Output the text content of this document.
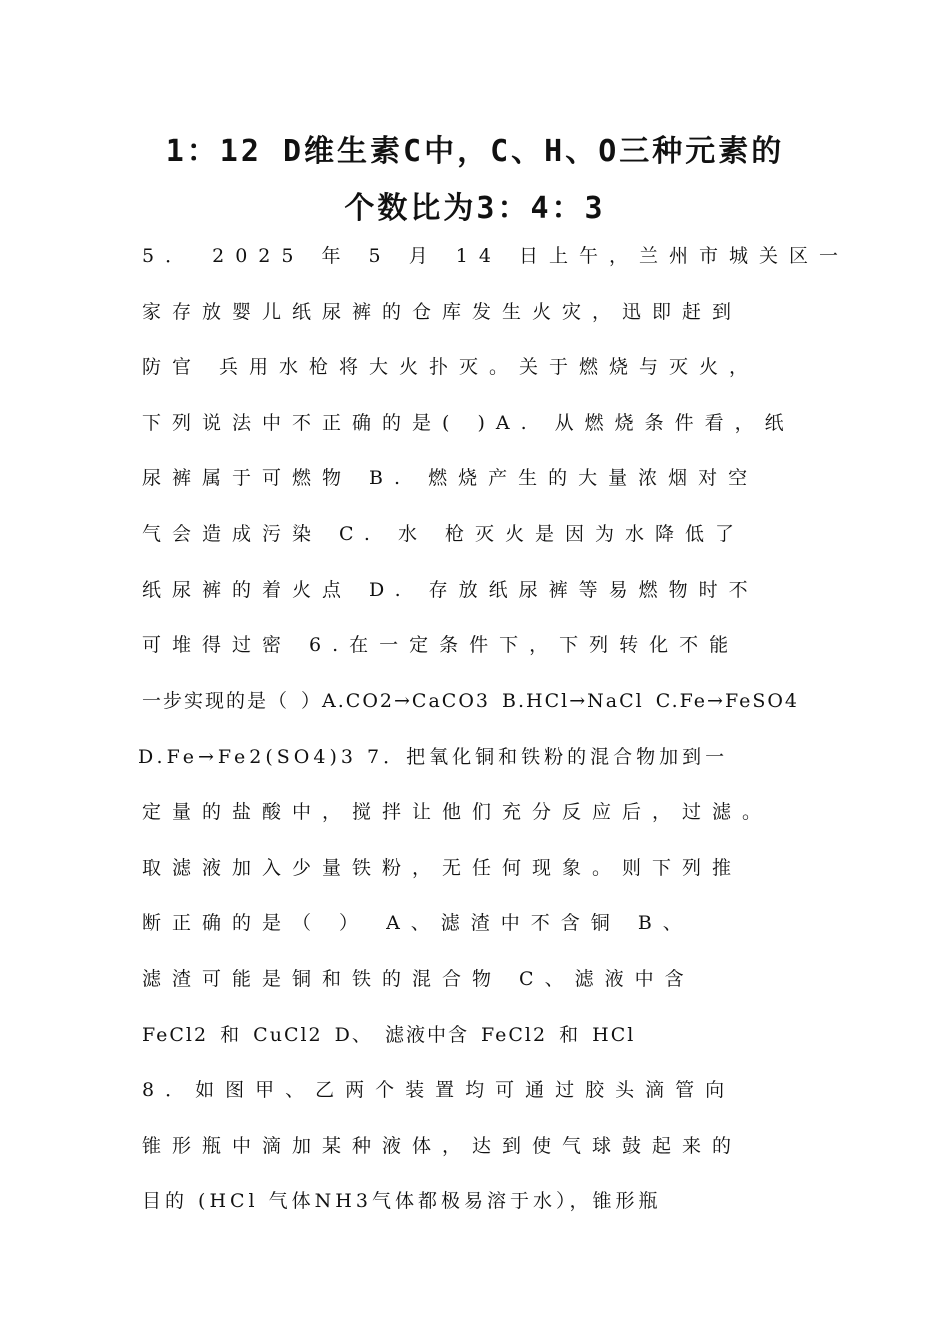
1：12 D维生素C中，C、H、O三种元素的
个数比为3：4：3
5． 2025 年 5 月 14 日上午，兰州市城关区一
家存放婴儿纸尿裤的仓库发生火灾，迅即赶到
防官 兵用水枪将大火扑灭。关于燃烧与灭火，
下列说法中不正确的是( )A. 从燃烧条件看，纸
尿裤属于可燃物 B. 燃烧产生的大量浓烟对空
气会造成污染 C. 水 枪灭火是因为水降低了
纸尿裤的着火点 D. 存放纸尿裤等易燃物时不
可堆得过密 6.在一定条件下，下列转化不能
一步实现的是（ ）A.CO2→CaCO3 B.HCl→NaCl C.Fe→FeSO4
D.Fe→Fe2(SO4)3 7．把氧化铜和铁粉的混合物加到一
定量的盐酸中，搅拌让他们充分反应后，过滤。
取滤液加入少量铁粉，无任何现象。则下列推
断正确的是（ ） A、滤渣中不含铜 B、
滤渣可能是铜和铁的混合物 C、滤液中含
FeCl2 和 CuCl2 D、 滤液中含 FeCl2 和 HCl
8．如图甲、乙两个装置均可通过胶头滴管向
锥形瓶中滴加某种液体，达到使气球鼓起来的
目的 (HCl 气体NH3气体都极易溶于水），锥形瓶
